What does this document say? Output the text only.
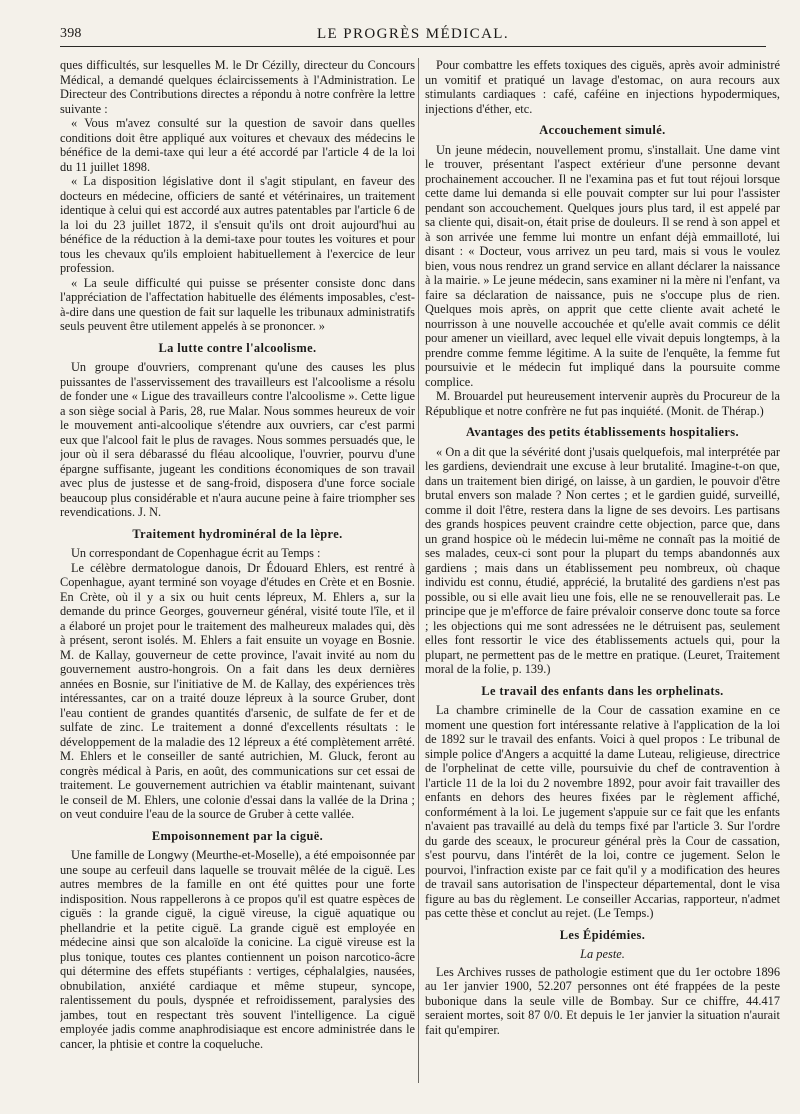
398	LE PROGRÈS MÉDICAL.

ques difficultés, sur lesquelles M. le Dr Cézilly, directeur du Concours Médical, a demandé quelques éclaircissements à l'Administration. Le Directeur des Contributions directes a répondu à notre confrère la lettre suivante :

« Vous m'avez consulté sur la question de savoir dans quelles conditions doit être appliqué aux voitures et chevaux des médecins le bénéfice de la demi-taxe qui leur a été accordé par l'article 4 de la loi du 11 juillet 1898.

« La disposition législative dont il s'agit stipulant, en faveur des docteurs en médecine, officiers de santé et vétérinaires, un traitement identique à celui qui est accordé aux autres patentables par l'article 6 de la loi du 23 juillet 1872, il s'ensuit qu'ils ont droit aujourd'hui au bénéfice de la réduction à la demi-taxe pour toutes les voitures et pour tous les chevaux qu'ils emploient habituellement à l'exercice de leur profession.

« La seule difficulté qui puisse se présenter consiste donc dans l'appréciation de l'affectation habituelle des éléments imposables, c'est-à-dire dans une question de fait sur laquelle les tribunaux administratifs seuls peuvent être utilement appelés à se prononcer. »

La lutte contre l'alcoolisme.

Un groupe d'ouvriers, comprenant qu'une des causes les plus puissantes de l'asservissement des travailleurs est l'alcoolisme a résolu de fonder une « Ligue des travailleurs contre l'alcoolisme ». Cette ligue a son siège social à Paris, 28, rue Malar. Nous sommes heureux de voir le mouvement anti-alcoolique s'étendre aux ouvriers, car c'est parmi eux que l'alcool fait le plus de ravages. Nous sommes persuadés que, le jour où il sera débarassé du fléau alcoolique, l'ouvrier, pourvu d'une épargne suffisante, jugeant les conditions économiques de son travail avec plus de justesse et de sang-froid, disposera d'une force sociale beaucoup plus considérable et n'aura aucune peine à faire triompher ses revendications. J. N.

Traitement hydrominéral de la lèpre.

Un correspondant de Copenhague écrit au Temps :

Le célèbre dermatologue danois, Dr Édouard Ehlers, est rentré à Copenhague, ayant terminé son voyage d'études en Crète et en Bosnie. En Crète, où il y a six ou huit cents lépreux, M. Ehlers a, sur la demande du prince Georges, gouverneur général, visité toute l'île, et il a élaboré un projet pour le traitement des malheureux malades qui, dès à présent, seront isolés. M. Ehlers a fait ensuite un voyage en Bosnie. M. de Kallay, gouverneur de cette province, l'avait invité au nom du gouvernement austro-hongrois. On a fait dans les deux dernières années en Bosnie, sur l'initiative de M. de Kallay, des expériences très intéressantes, car on a traité douze lépreux à la source Gruber, dont l'eau contient de grandes quantités d'arsenic, de sulfate de fer et de sulfate de zinc. Le traitement a donné d'excellents résultats : le développement de la maladie des 12 lépreux a été complètement arrêté. M. Ehlers et le conseiller de santé autrichien, M. Gluck, feront au congrès médical à Paris, en août, des communications sur cet essai de traitement. Le gouvernement autrichien va établir maintenant, suivant le conseil de M. Ehlers, une colonie d'essai dans la vallée de la Drina ; on veut conduire l'eau de la source de Gruber à cette vallée.

Empoisonnement par la ciguë.

Une famille de Longwy (Meurthe-et-Moselle), a été empoisonnée par une soupe au cerfeuil dans laquelle se trouvait mêlée de la ciguë. Les autres membres de la famille en ont été quittes pour une forte indisposition. Nous rappellerons à ce propos qu'il est quatre espèces de ciguës : la grande ciguë, la ciguë vireuse, la ciguë aquatique ou phellandrie et la petite ciguë. La grande ciguë est employée en médecine ainsi que son alcaloïde la conicine. La ciguë vireuse est la plus tonique, toutes ces plantes contiennent un poison narcotico-âcre qui détermine des effets stupéfiants : vertiges, céphalalgies, nausées, obnubilation, anxiété cardiaque et même stupeur, syncope, ralentissement du pouls, dyspnée et refroidissement, paralysies des jambes, tout en respectant très souvent l'intelligence. La ciguë employée jadis comme anaphrodisiaque est encore administrée dans le cancer, la phtisie et contre la coqueluche.

Pour combattre les effets toxiques des ciguës, après avoir administré un vomitif et pratiqué un lavage d'estomac, on aura recours aux stimulants cardiaques : café, caféine en injections hypodermiques, injections d'éther, etc.

Accouchement simulé.

Un jeune médecin, nouvellement promu, s'installait. Une dame vint le trouver, présentant l'aspect extérieur d'une personne devant prochainement accoucher. Il ne l'examina pas et fut tout réjoui lorsque cette dame lui demanda si elle pouvait compter sur lui pour l'assister pendant son accouchement. Quelques jours plus tard, il est appelé par sa cliente qui, disait-on, était prise de douleurs. Il se rend à son appel et à son arrivée une femme lui montre un enfant déjà emmailloté, lui disant : « Docteur, vous arrivez un peu tard, mais si vous le voulez bien, vous nous rendrez un grand service en allant déclarer la naissance à la mairie. » Le jeune médecin, sans examiner ni la mère ni l'enfant, va faire sa déclaration de naissance, puis ne s'occupe plus de rien. Quelques mois après, on apprit que cette cliente avait acheté le nourrisson à une nouvelle accouchée et qu'elle avait commis ce délit pour amener un vieillard, avec lequel elle vivait depuis longtemps, à la prendre comme femme légitime. A la suite de l'enquête, la femme fut poursuivie et le médecin fut impliqué dans la poursuite comme complice.

M. Brouardel put heureusement intervenir auprès du Procureur de la République et notre confrère ne fut pas inquiété. (Monit. de Thérap.)

Avantages des petits établissements hospitaliers.

« On a dit que la sévérité dont j'usais quelquefois, mal interprétée par les gardiens, deviendrait une excuse à leur brutalité. Imagine-t-on que, dans un traitement bien dirigé, on laisse, à un gardien, le pouvoir d'être brutal envers son malade ? Non certes ; et le gardien guidé, surveillé, comme il doit l'être, restera dans la ligne de ses devoirs. Les partisans des grands hospices peuvent craindre cette objection, parce que, dans un grand hospice où le médecin lui-même ne connaît pas la moitié de ses malades, ceux-ci sont pour la plupart du temps abandonnés aux gardiens ; mais dans un établissement peu nombreux, où chaque individu est connu, étudié, apprécié, la brutalité des gardiens n'est pas possible, ou si elle avait lieu une fois, elle ne se renouvellerait pas. Le principe que je m'efforce de faire prévaloir conserve donc toute sa force ; les objections qui me sont adressées ne le détruisent pas, seulement elles font ressortir le vice des établissements actuels qui, pour la plupart, ne permettent pas de le mettre en pratique. (Leuret, Traitement moral de la folie, p. 139.)

Le travail des enfants dans les orphelinats.

La chambre criminelle de la Cour de cassation examine en ce moment une question fort intéressante relative à l'application de la loi de 1892 sur le travail des enfants. Voici à quel propos : Le tribunal de simple police d'Angers a acquitté la dame Luteau, religieuse, directrice de l'orphelinat de cette ville, poursuivie du chef de contravention à l'article 11 de la loi du 2 novembre 1892, pour avoir fait travailler des enfants en dehors des heures fixées par le règlement affiché, conformément à la loi. Le jugement s'appuie sur ce fait que les enfants n'avaient pas travaillé au delà du temps fixé par l'article 3. Sur l'ordre du garde des sceaux, le procureur général près la Cour de cassation, s'est pourvu, dans l'intérêt de la loi, contre ce jugement. Selon le pourvoi, l'infraction existe par ce fait qu'il y a modification des heures de travail sans autorisation de l'inspecteur départemental, dont le visa figure au bas du règlement. Le conseiller Accarias, rapporteur, n'admet pas cette thèse et conclut au rejet. (Le Temps.)

Les Épidémies.
La peste.

Les Archives russes de pathologie estiment que du 1er octobre 1896 au 1er janvier 1900, 52.207 personnes ont été frappées de la peste bubonique dans la seule ville de Bombay. Sur ce chiffre, 44.417 seraient mortes, soit 87 0/0. Et depuis le 1er janvier la situation n'aurait fait qu'empirer.
